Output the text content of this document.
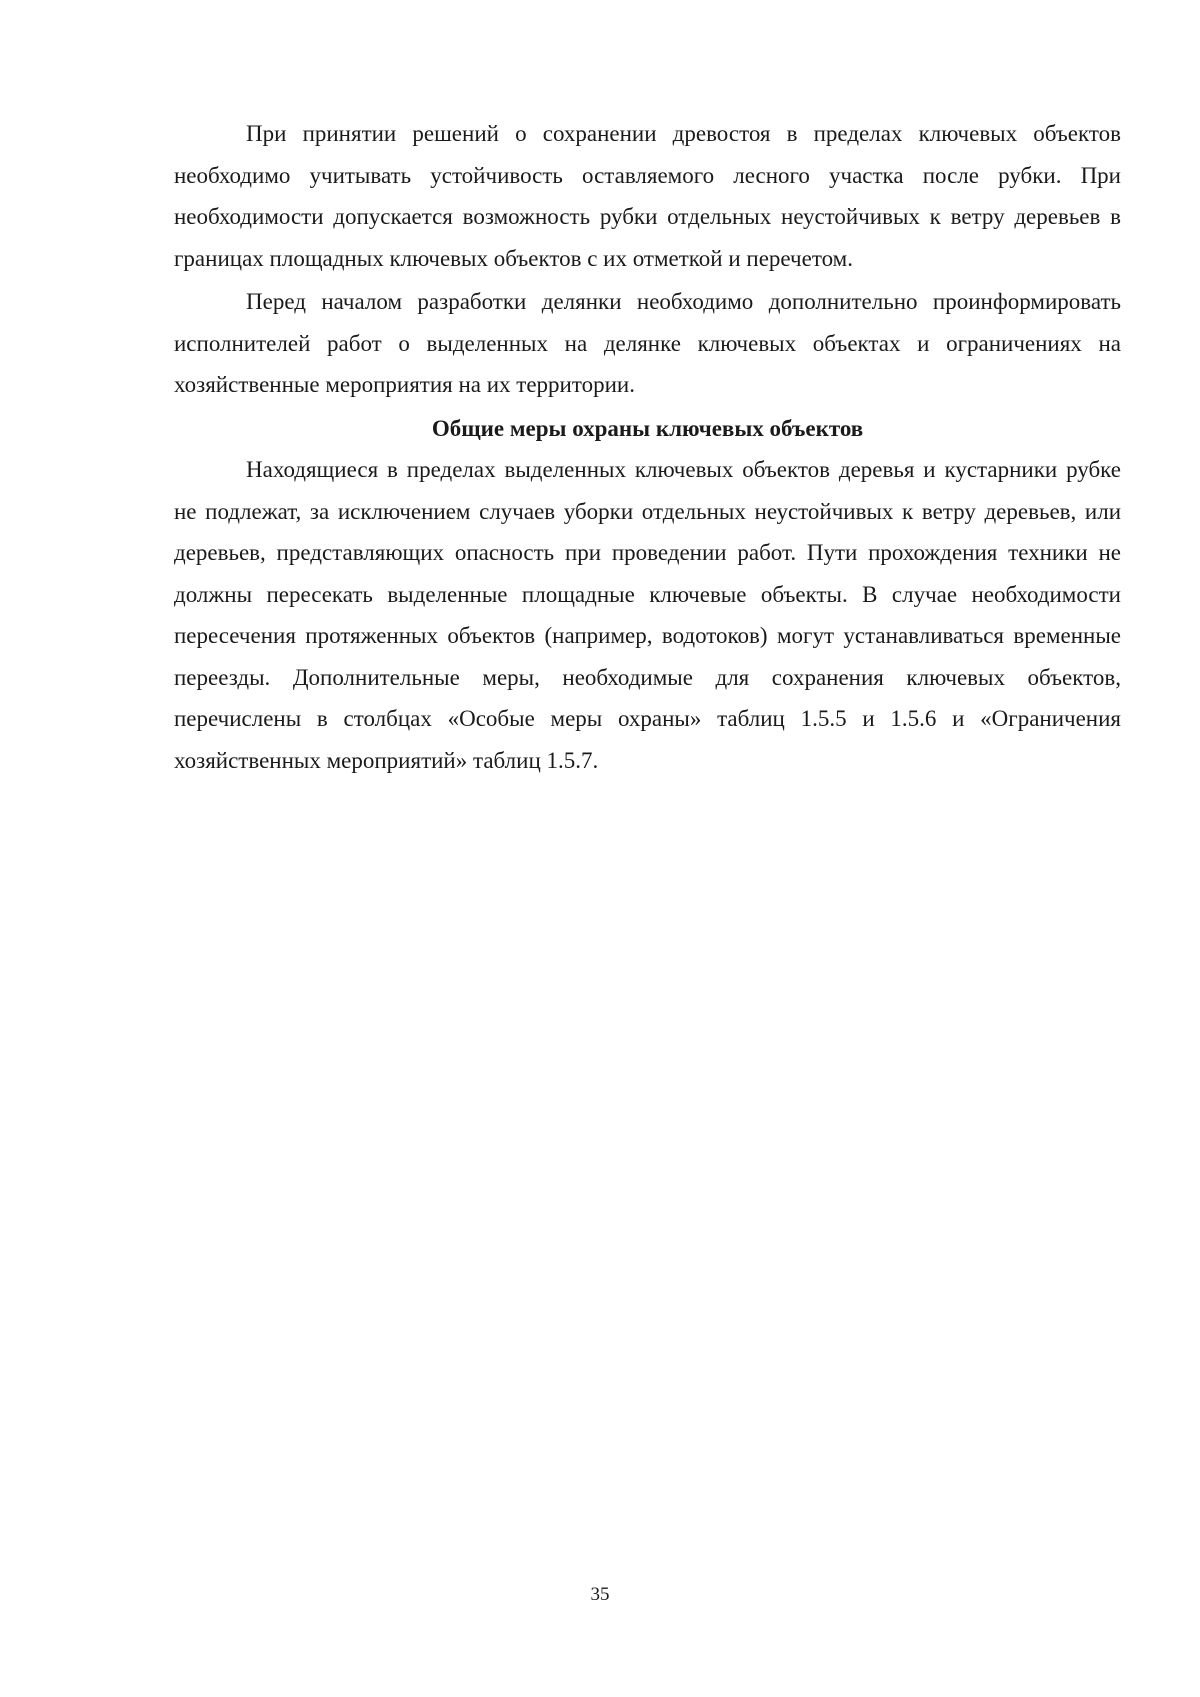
При принятии решений о сохранении древостоя в пределах ключевых объектов необходимо учитывать устойчивость оставляемого лесного участка после рубки. При необходимости допускается возможность рубки отдельных неустойчивых к ветру деревьев в границах площадных ключевых объектов с их отметкой и перечетом.

Перед началом разработки делянки необходимо дополнительно проинформировать исполнителей работ о выделенных на делянке ключевых объектах и ограничениях на хозяйственные мероприятия на их территории.

Общие меры охраны ключевых объектов

Находящиеся в пределах выделенных ключевых объектов деревья и кустарники рубке не подлежат, за исключением случаев уборки отдельных неустойчивых к ветру деревьев, или деревьев, представляющих опасность при проведении работ. Пути прохождения техники не должны пересекать выделенные площадные ключевые объекты. В случае необходимости пересечения протяженных объектов (например, водотоков) могут устанавливаться временные переезды. Дополнительные меры, необходимые для сохранения ключевых объектов, перечислены в столбцах «Особые меры охраны» таблиц 1.5.5 и 1.5.6 и «Ограничения хозяйственных мероприятий» таблиц 1.5.7.

35
